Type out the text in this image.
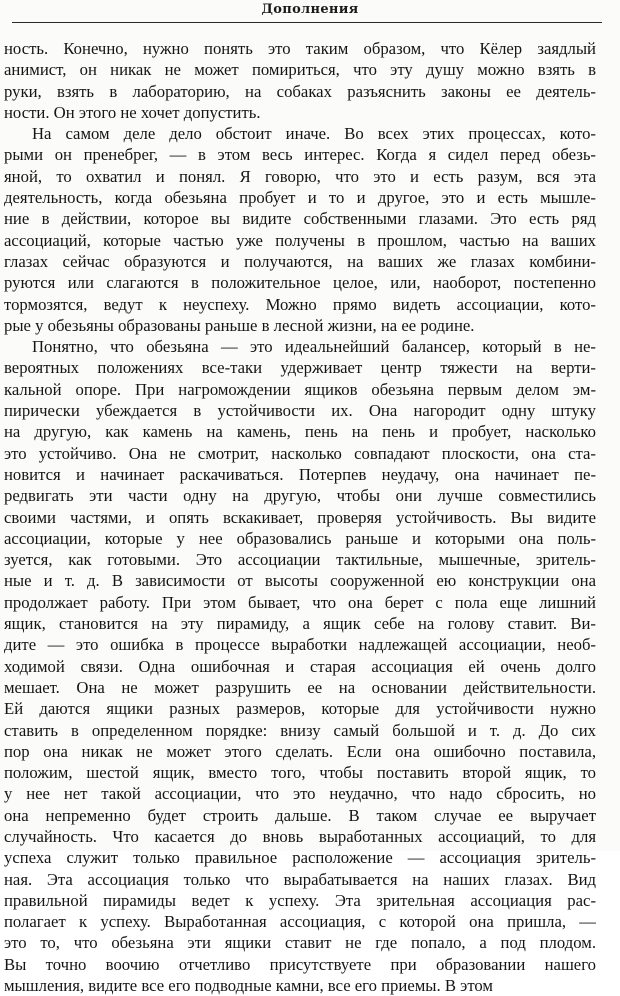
Дополнения
ность. Конечно, нужно понять это таким образом, что Кёлер заядлый
анимист, он никак не может помириться, что эту душу можно взять в
руки, взять в лабораторию, на собаках разъяснить законы ее деятель-
ности. Он этого не хочет допустить.
На самом деле дело обстоит иначе. Во всех этих процессах, кото-
рыми он пренебрег, — в этом весь интерес. Когда я сидел перед обезь-
яной, то охватил и понял. Я говорю, что это и есть разум, вся эта
деятельность, когда обезьяна пробует и то и другое, это и есть мышле-
ние в действии, которое вы видите собственными глазами. Это есть ряд
ассоциаций, которые частью уже получены в прошлом, частью на ваших
глазах сейчас образуются и получаются, на ваших же глазах комбини-
руются или слагаются в положительное целое, или, наоборот, постепенно
тормозятся, ведут к неуспеху. Можно прямо видеть ассоциации, кото-
рые у обезьяны образованы раньше в лесной жизни, на ее родине.
Понятно, что обезьяна — это идеальнейший балансер, который в не-
вероятных положениях все-таки удерживает центр тяжести на верти-
кальной опоре. При нагромождении ящиков обезьяна первым делом эм-
пирически убеждается в устойчивости их. Она нагородит одну штуку
на другую, как камень на камень, пень на пень и пробует, насколько
это устойчиво. Она не смотрит, насколько совпадают плоскости, она ста-
новится и начинает раскачиваться. Потерпев неудачу, она начинает пе-
редвигать эти части одну на другую, чтобы они лучше совместились
своими частями, и опять вскакивает, проверяя устойчивость. Вы видите
ассоциации, которые у нее образовались раньше и которыми она поль-
зуется, как готовыми. Это ассоциации тактильные, мышечные, зритель-
ные и т. д. В зависимости от высоты сооруженной ею конструкции она
продолжает работу. При этом бывает, что она берет с пола еще лишний
ящик, становится на эту пирамиду, а ящик себе на голову ставит. Ви-
дите — это ошибка в процессе выработки надлежащей ассоциации, необ-
ходимой связи. Одна ошибочная и старая ассоциация ей очень долго
мешает. Она не может разрушить ее на основании действительности.
Ей даются ящики разных размеров, которые для устойчивости нужно
ставить в определенном порядке: внизу самый большой и т. д. До сих
пор она никак не может этого сделать. Если она ошибочно поставила,
положим, шестой ящик, вместо того, чтобы поставить второй ящик, то
у нее нет такой ассоциации, что это неудачно, что надо сбросить, но
она непременно будет строить дальше. В таком случае ее выручает
случайность. Что касается до вновь выработанных ассоциаций, то для
успеха служит только правильное расположение — ассоциация зритель-
ная. Эта ассоциация только что вырабатывается на наших глазах. Вид
правильной пирамиды ведет к успеху. Эта зрительная ассоциация рас-
полагает к успеху. Выработанная ассоциация, с которой она пришла, —
это то, что обезьяна эти ящики ставит не где попало, а под плодом.
Вы точно воочию отчетливо присутствуете при образовании нашего
мышления, видите все его подводные камни, все его приемы. В этом
